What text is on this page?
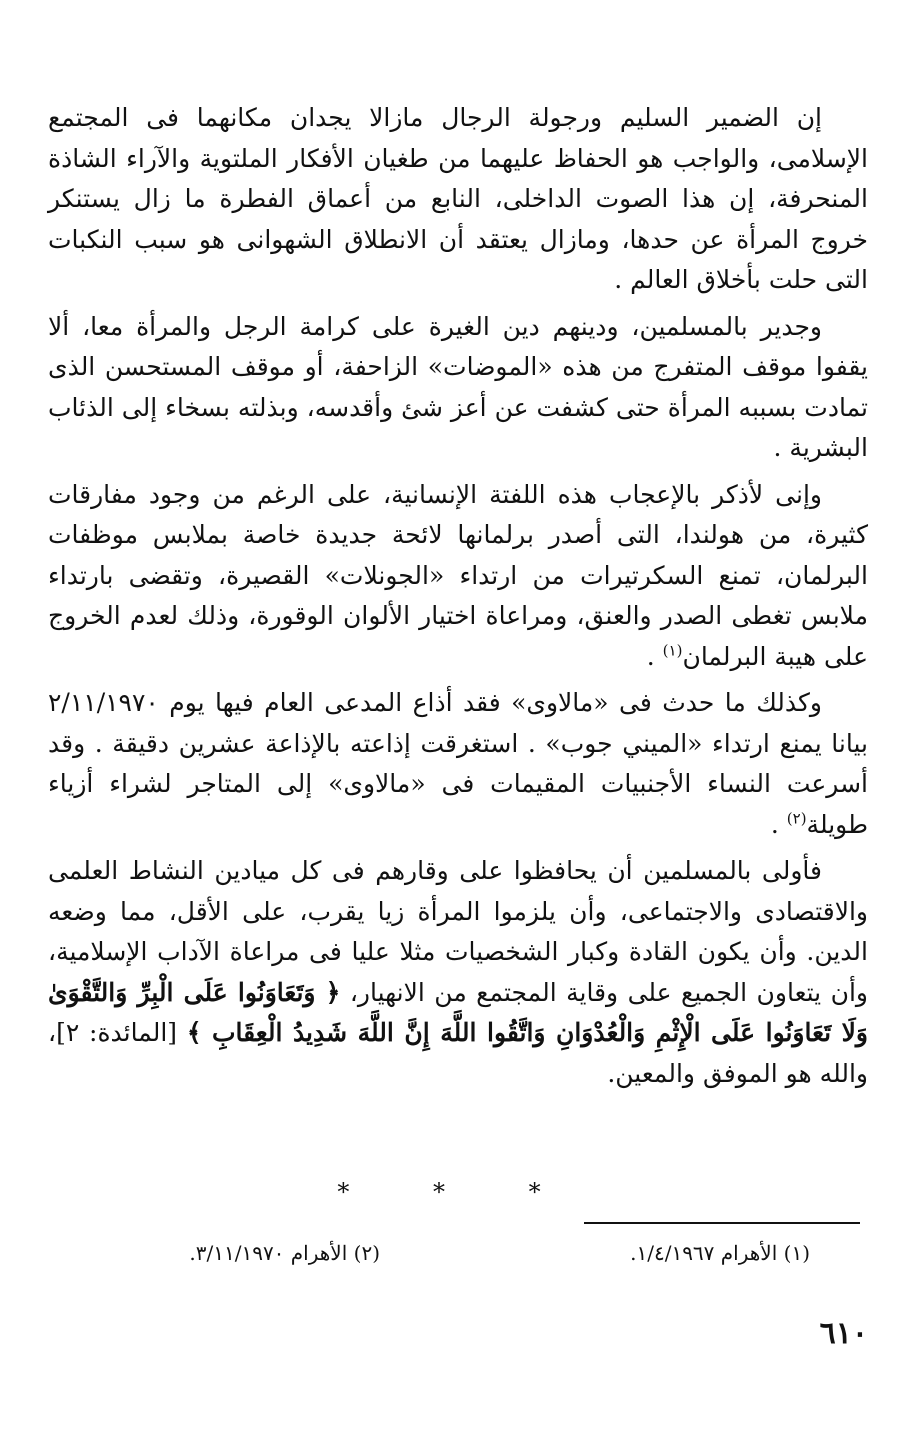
إن الضمير السليم ورجولة الرجال مازالا يجدان مكانهما فى المجتمع الإسلامى، والواجب هو الحفاظ عليهما من طغيان الأفكار الملتوية والآراء الشاذة المنحرفة، إن هذا الصوت الداخلى، النابع من أعماق الفطرة ما زال يستنكر خروج المرأة عن حدها، ومازال يعتقد أن الانطلاق الشهوانى هو سبب النكبات التى حلت بأخلاق العالم .

وجدير بالمسلمين، ودينهم دين الغيرة على كرامة الرجل والمرأة معا، ألا يقفوا موقف المتفرج من هذه «الموضات» الزاحفة، أو موقف المستحسن الذى تمادت بسببه المرأة حتى كشفت عن أعز شئ وأقدسه، وبذلته بسخاء إلى الذئاب البشرية .

وإنى لأذكر بالإعجاب هذه اللفتة الإنسانية، على الرغم من وجود مفارقات كثيرة، من هولندا، التى أصدر برلمانها لائحة جديدة خاصة بملابس موظفات البرلمان، تمنع السكرتيرات من ارتداء «الجونلات» القصيرة، وتقضى بارتداء ملابس تغطى الصدر والعنق، ومراعاة اختيار الألوان الوقورة، وذلك لعدم الخروج على هيبة البرلمان$^{(١)}$ .

وكذلك ما حدث فى «مالاوى» فقد أذاع المدعى العام فيها يوم ٢/١١/١٩٧٠ بيانا يمنع ارتداء «الميني جوب» . استغرقت إذاعته بالإذاعة عشرين دقيقة . وقد أسرعت النساء الأجنبيات المقيمات فى «مالاوى» إلى المتاجر لشراء أزياء طويلة$^{(٢)}$ .

فأولى بالمسلمين أن يحافظوا على وقارهم فى كل ميادين النشاط العلمى والاقتصادى والاجتماعى، وأن يلزموا المرأة زيا يقرب، على الأقل، مما وضعه الدين. وأن يكون القادة وكبار الشخصيات مثلا عليا فى مراعاة الآداب الإسلامية، وأن يتعاون الجميع على وقاية المجتمع من الانهيار، ﴿ وَتَعَاوَنُوا عَلَى الْبِرِّ وَالتَّقْوَىٰ وَلَا تَعَاوَنُوا عَلَى الْإِثْمِ وَالْعُدْوَانِ وَاتَّقُوا اللَّهَ إِنَّ اللَّهَ شَدِيدُ الْعِقَابِ ﴾ [المائدة: ٢]، والله هو الموفق والمعين.

* * *
(١) الأهرام ١/٤/١٩٦٧.
(٢) الأهرام ٣/١١/١٩٧٠.
٦١٠
